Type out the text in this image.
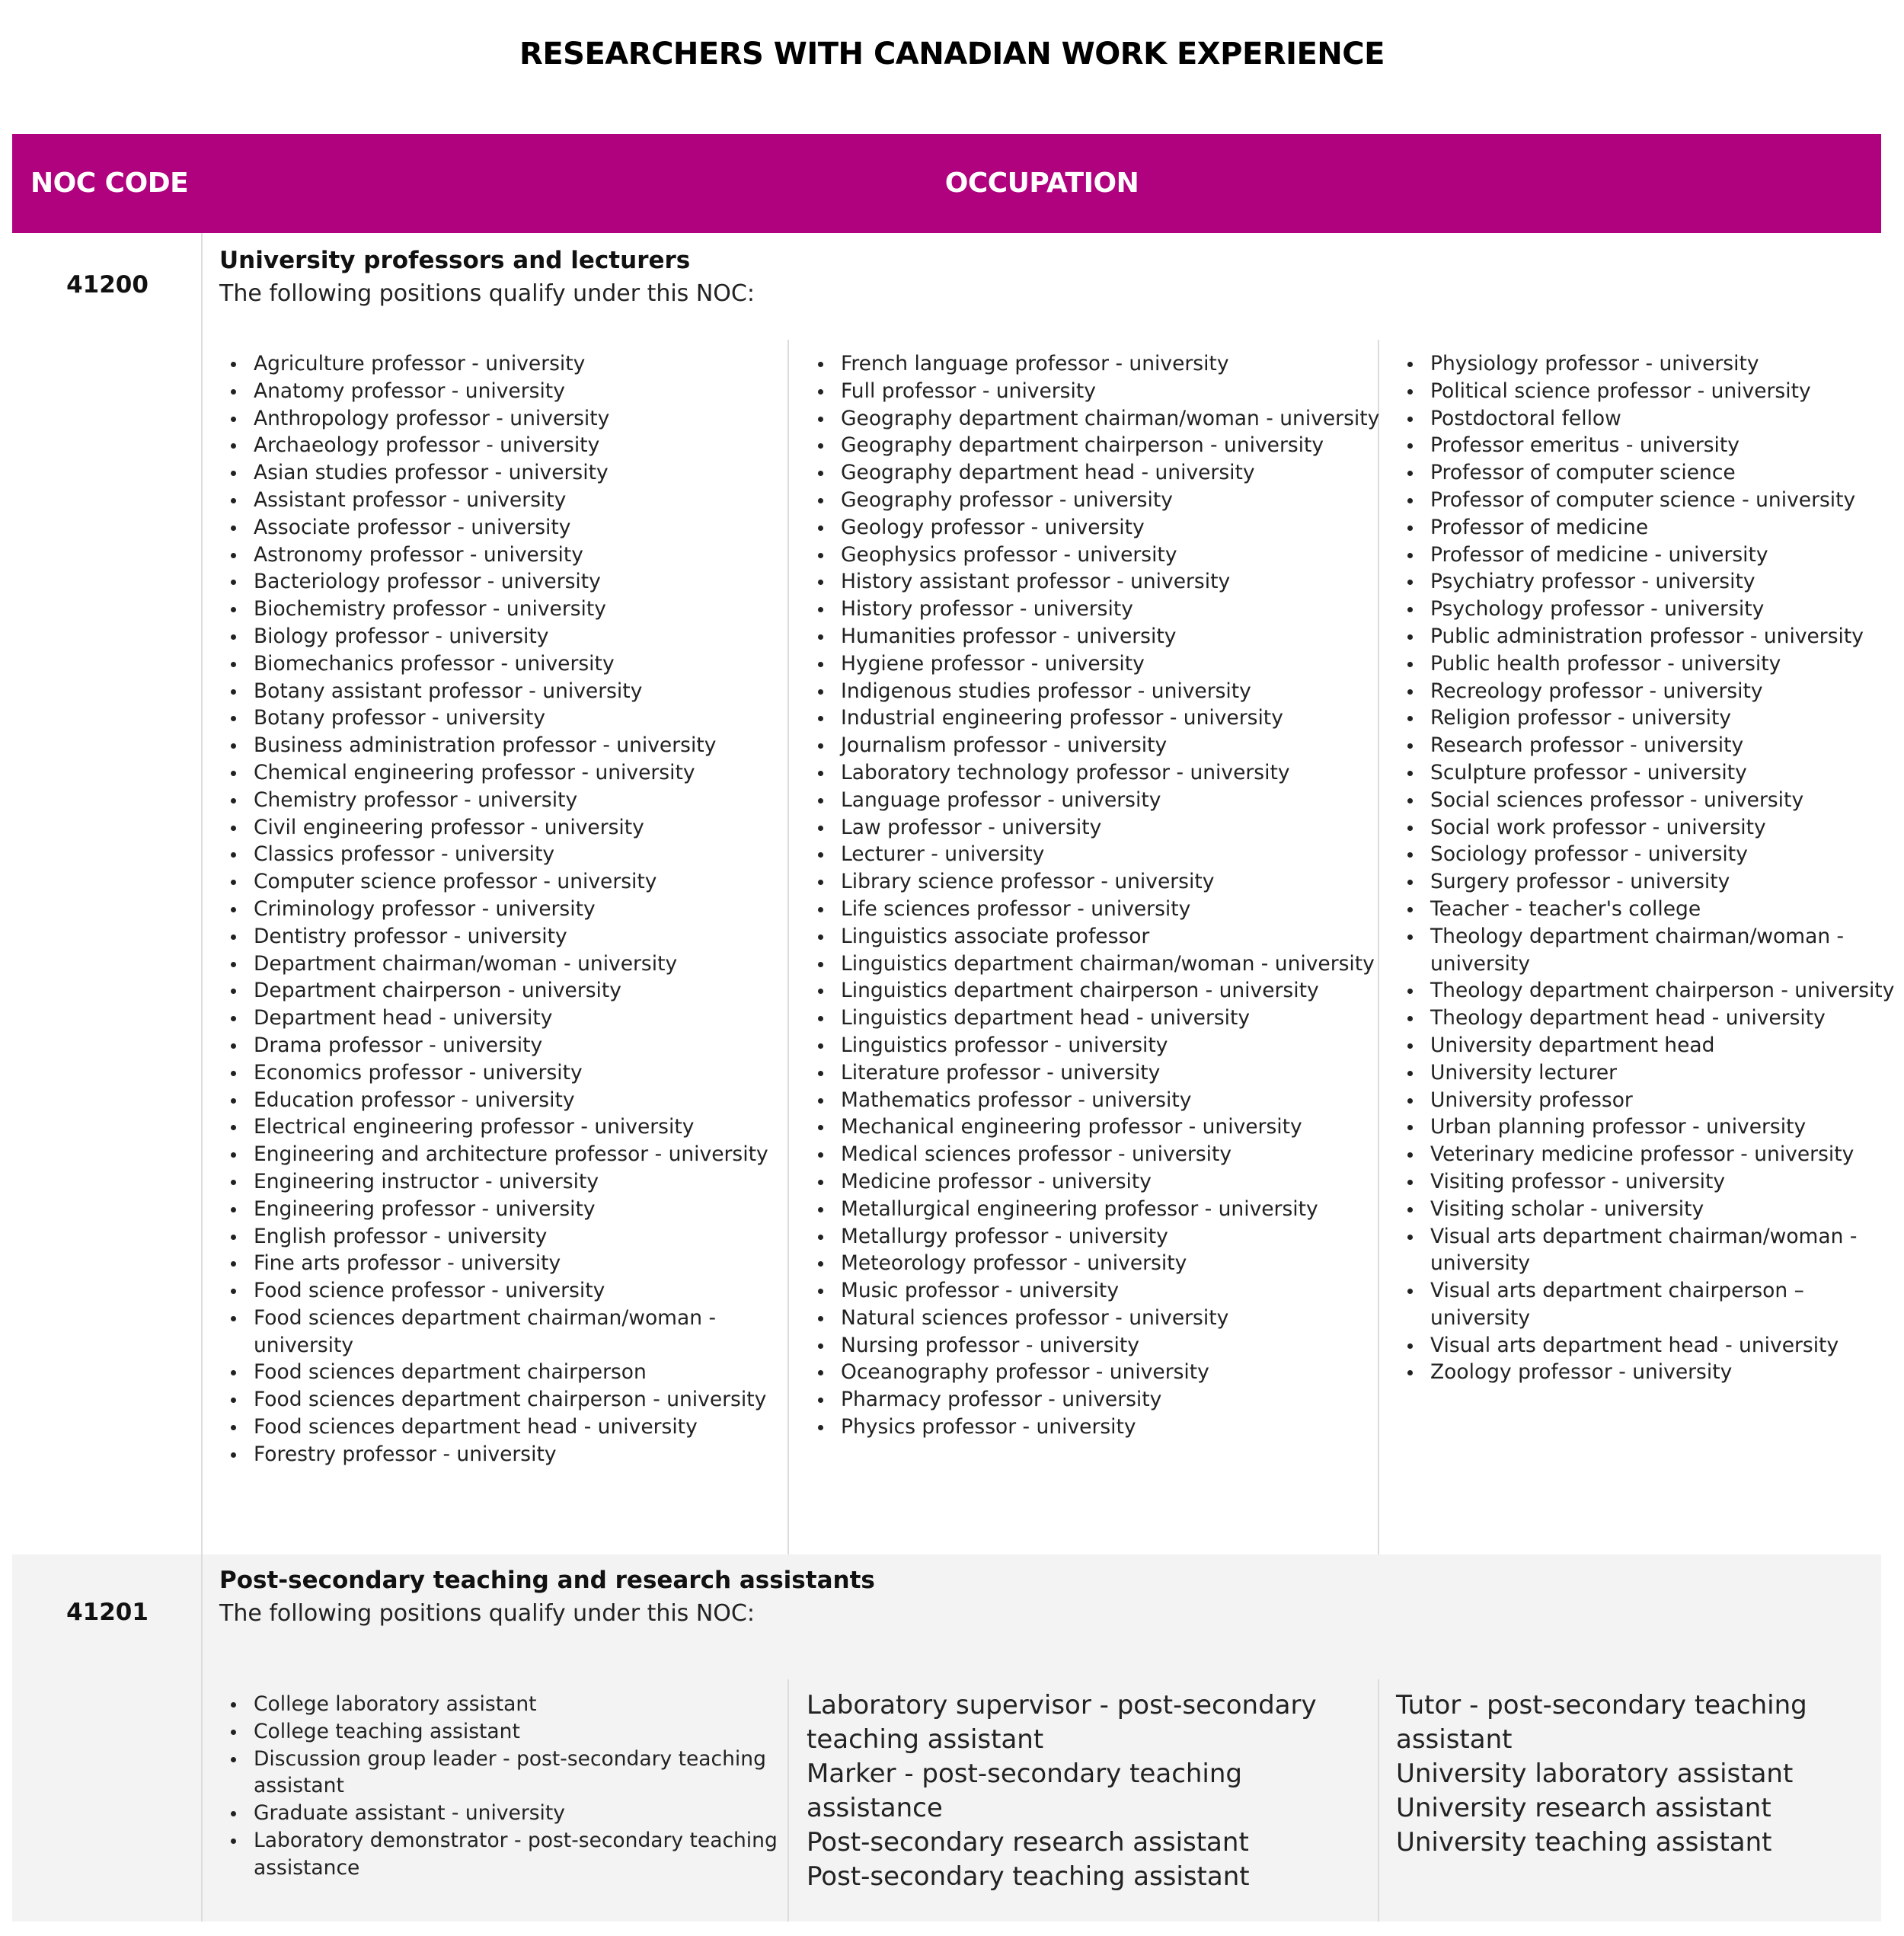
RESEARCHERS WITH CANADIAN WORK EXPERIENCE
NOC CODE	OCCUPATION
41200
University professors and lecturers
The following positions qualify under this NOC:
Agriculture professor - university
Anatomy professor - university
Anthropology professor - university
Archaeology professor - university
Asian studies professor - university
Assistant professor - university
Associate professor - university
Astronomy professor - university
Bacteriology professor - university
Biochemistry professor - university
Biology professor - university
Biomechanics professor - university
Botany assistant professor - university
Botany professor - university
Business administration professor - university
Chemical engineering professor - university
Chemistry professor - university
Civil engineering professor - university
Classics professor - university
Computer science professor - university
Criminology professor - university
Dentistry professor - university
Department chairman/woman - university
Department chairperson - university
Department head - university
Drama professor - university
Economics professor - university
Education professor - university
Electrical engineering professor - university
Engineering and architecture professor - university
Engineering instructor - university
Engineering professor - university
English professor - university
Fine arts professor - university
Food science professor - university
Food sciences department chairman/woman - university
Food sciences department chairperson
Food sciences department chairperson - university
Food sciences department head - university
Forestry professor - university
French language professor - university
Full professor - university
Geography department chairman/woman - university
Geography department chairperson - university
Geography department head - university
Geography professor - university
Geology professor - university
Geophysics professor - university
History assistant professor - university
History professor - university
Humanities professor - university
Hygiene professor - university
Indigenous studies professor - university
Industrial engineering professor - university
Journalism professor - university
Laboratory technology professor - university
Language professor - university
Law professor - university
Lecturer - university
Library science professor - university
Life sciences professor - university
Linguistics associate professor
Linguistics department chairman/woman - university
Linguistics department chairperson - university
Linguistics department head - university
Linguistics professor - university
Literature professor - university
Mathematics professor - university
Mechanical engineering professor - university
Medical sciences professor - university
Medicine professor - university
Metallurgical engineering professor - university
Metallurgy professor - university
Meteorology professor - university
Music professor - university
Natural sciences professor - university
Nursing professor - university
Oceanography professor - university
Pharmacy professor - university
Physics professor - university
Physiology professor - university
Political science professor - university
Postdoctoral fellow
Professor emeritus - university
Professor of computer science
Professor of computer science - university
Professor of medicine
Professor of medicine - university
Psychiatry professor - university
Psychology professor - university
Public administration professor - university
Public health professor - university
Recreology professor - university
Religion professor - university
Research professor - university
Sculpture professor - university
Social sciences professor - university
Social work professor - university
Sociology professor - university
Surgery professor - university
Teacher - teacher's college
Theology department chairman/woman - university
Theology department chairperson - university
Theology department head - university
University department head
University lecturer
University professor
Urban planning professor - university
Veterinary medicine professor - university
Visiting professor - university
Visiting scholar - university
Visual arts department chairman/woman - university
Visual arts department chairperson – university
Visual arts department head - university
Zoology professor - university
41201
Post-secondary teaching and research assistants
The following positions qualify under this NOC:
College laboratory assistant
College teaching assistant
Discussion group leader - post-secondary teaching assistant
Graduate assistant - university
Laboratory demonstrator - post-secondary teaching assistance
Laboratory supervisor - post-secondary teaching assistant
Marker - post-secondary teaching assistance
Post-secondary research assistant
Post-secondary teaching assistant
Tutor - post-secondary teaching assistant
University laboratory assistant
University research assistant
University teaching assistant
